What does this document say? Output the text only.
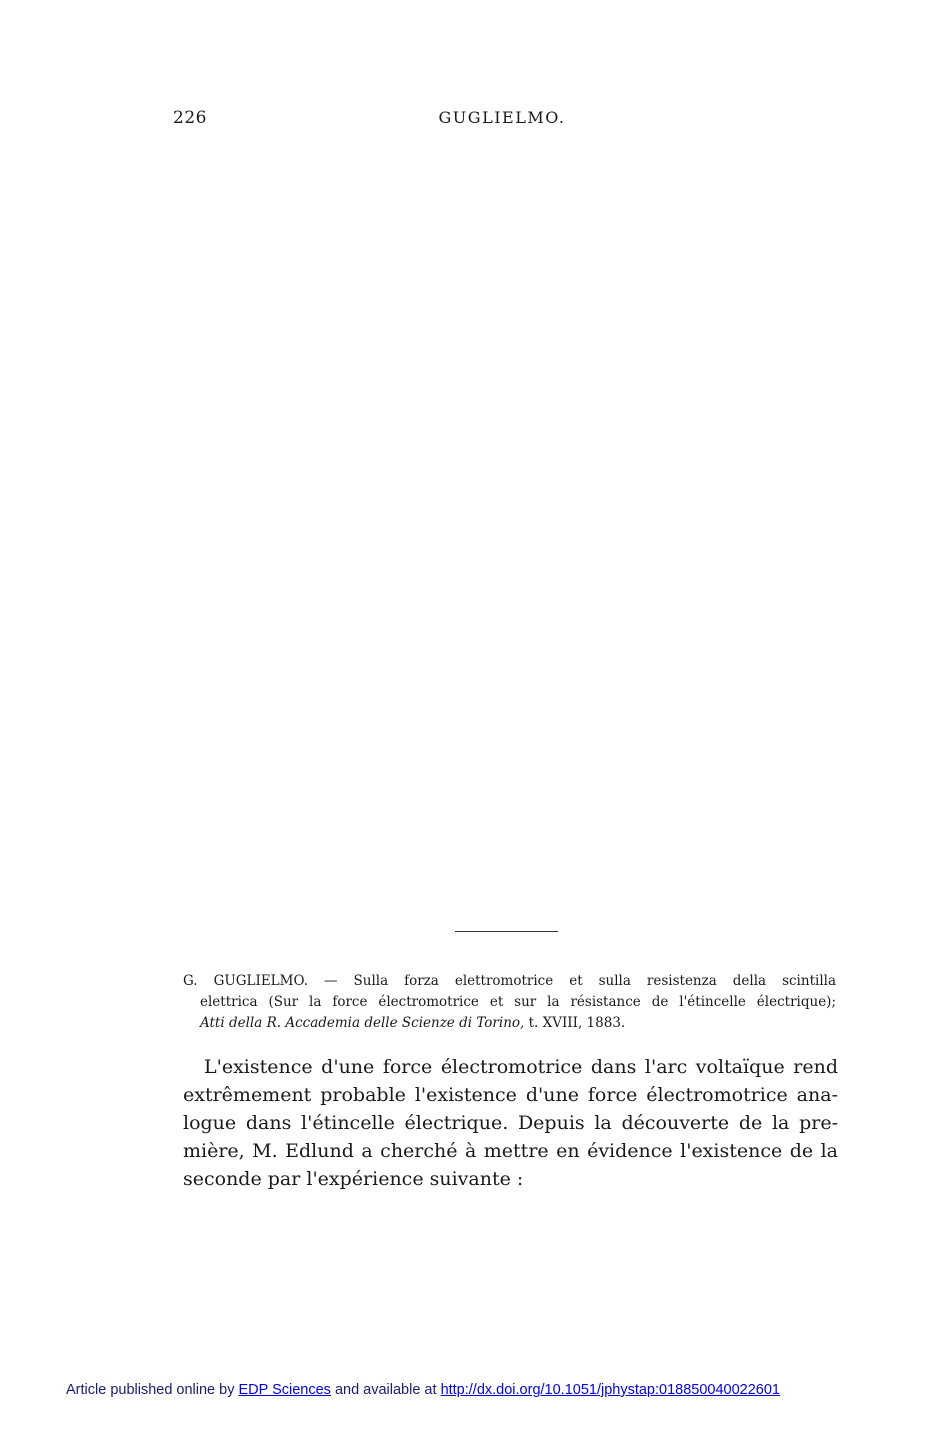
226	GUGLIELMO.
G. GUGLIELMO. — Sulla forza elettromotrice et sulla resistenza della scintilla
elettrica (Sur la force électromotrice et sur la résistance de l'étincelle électrique);
Atti della R. Accademia delle Scienze di Torino, t. XVIII, 1883.
L'existence d'une force électromotrice dans l'arc voltaïque rend
extrêmement probable l'existence d'une force électromotrice ana-
logue dans l'étincelle électrique. Depuis la découverte de la pre-
mière, M. Edlund a cherché à mettre en évidence l'existence de la
seconde par l'expérience suivante :
Article published online by EDP Sciences and available at http://dx.doi.org/10.1051/jphystap:018850040022601
